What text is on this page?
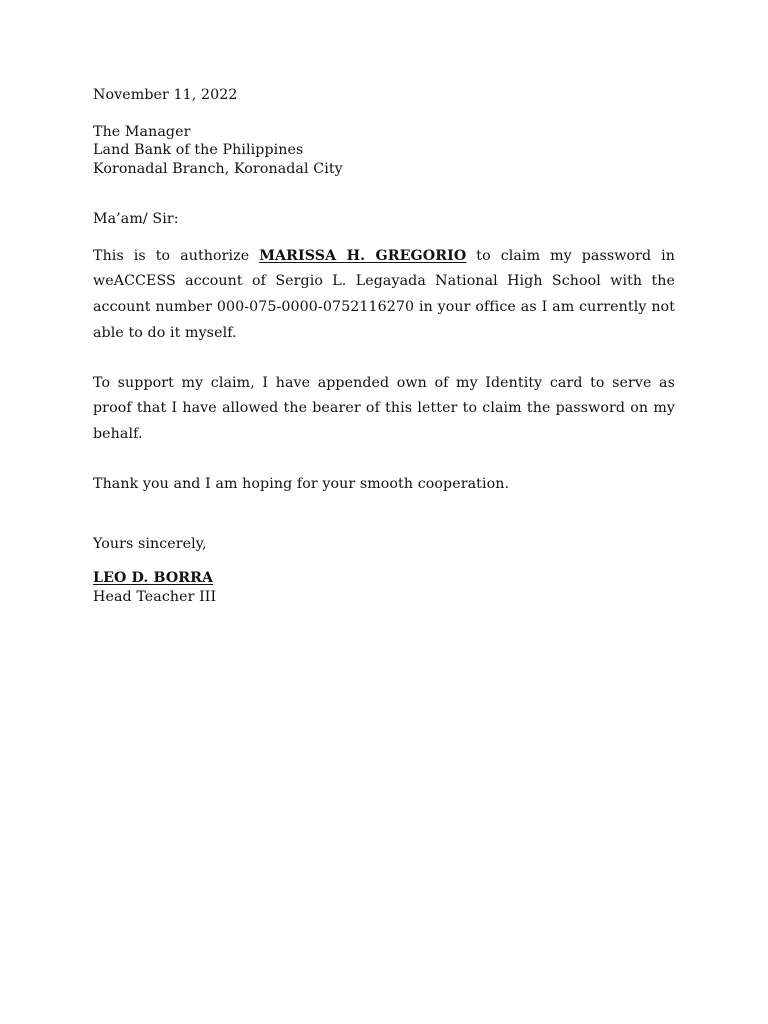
November 11, 2022
The Manager
Land Bank of the Philippines
Koronadal Branch, Koronadal City
Ma’am/ Sir:

This is to authorize MARISSA H. GREGORIO to claim my password in weACCESS account of Sergio L. Legayada National High School with the account number 000-075-0000-0752116270 in your office as I am currently not able to do it myself.

To support my claim, I have appended own of my Identity card to serve as proof that I have allowed the bearer of this letter to claim the password on my behalf.

Thank you and I am hoping for your smooth cooperation.

Yours sincerely,
LEO D. BORRA
Head Teacher III
